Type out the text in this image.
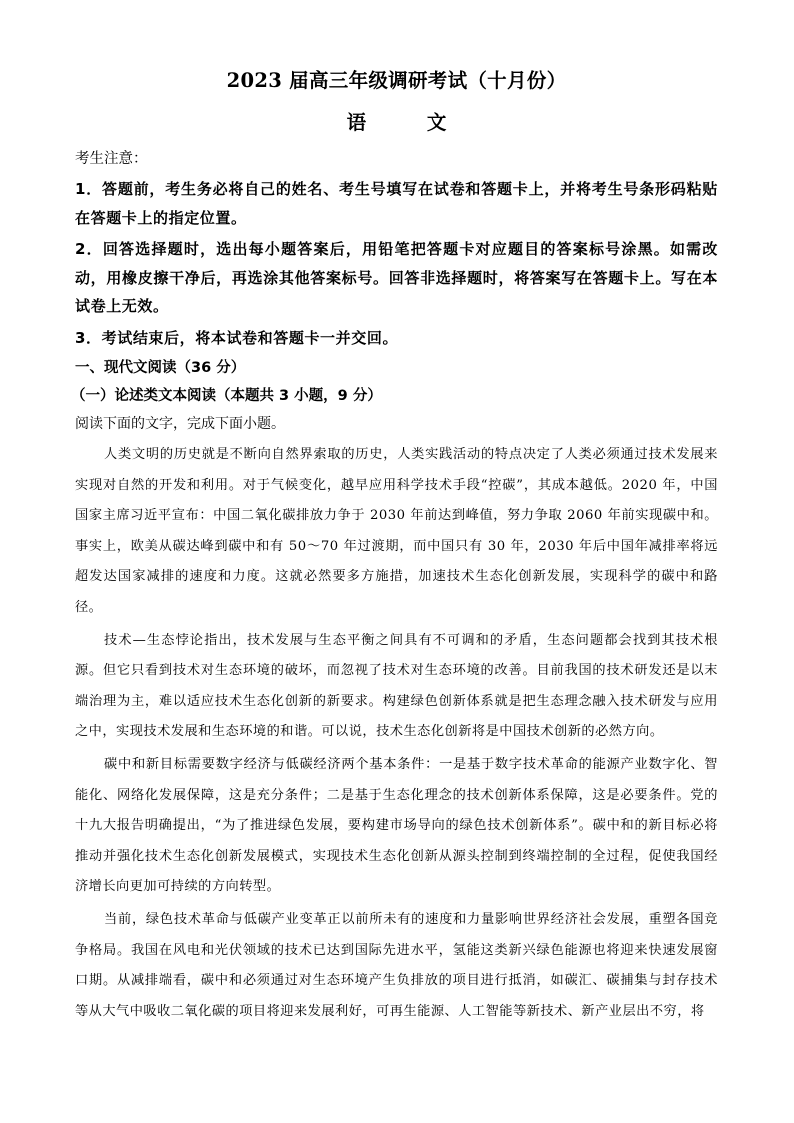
2023 届高三年级调研考试（十月份）
语 文
考生注意：

1．答题前，考生务必将自己的姓名、考生号填写在试卷和答题卡上，并将考生号条形码粘贴在答题卡上的指定位置。

2．回答选择题时，选出每小题答案后，用铅笔把答题卡对应题目的答案标号涂黑。如需改动，用橡皮擦干净后，再选涂其他答案标号。回答非选择题时，将答案写在答题卡上。写在本试卷上无效。

3．考试结束后，将本试卷和答题卡一并交回。

一、现代文阅读（36 分）
（一）论述类文本阅读（本题共 3 小题，9 分）
阅读下面的文字，完成下面小题。

人类文明的历史就是不断向自然界索取的历史，人类实践活动的特点决定了人类必须通过技术发展来实现对自然的开发和利用。对于气候变化，越早应用科学技术手段“控碳”，其成本越低。2020 年，中国国家主席习近平宣布：中国二氧化碳排放力争于 2030 年前达到峰值，努力争取 2060 年前实现碳中和。事实上，欧美从碳达峰到碳中和有 50～70 年过渡期，而中国只有 30 年，2030 年后中国年减排率将远超发达国家减排的速度和力度。这就必然要多方施措，加速技术生态化创新发展，实现科学的碳中和路径。

技术—生态悖论指出，技术发展与生态平衡之间具有不可调和的矛盾，生态问题都会找到其技术根源。但它只看到技术对生态环境的破坏，而忽视了技术对生态环境的改善。目前我国的技术研发还是以末端治理为主，难以适应技术生态化创新的新要求。构建绿色创新体系就是把生态理念融入技术研发与应用之中，实现技术发展和生态环境的和谐。可以说，技术生态化创新将是中国技术创新的必然方向。

碳中和新目标需要数字经济与低碳经济两个基本条件：一是基于数字技术革命的能源产业数字化、智能化、网络化发展保障，这是充分条件；二是基于生态化理念的技术创新体系保障，这是必要条件。党的十九大报告明确提出，“为了推进绿色发展，要构建市场导向的绿色技术创新体系”。碳中和的新目标必将推动并强化技术生态化创新发展模式，实现技术生态化创新从源头控制到终端控制的全过程，促使我国经济增长向更加可持续的方向转型。

当前，绿色技术革命与低碳产业变革正以前所未有的速度和力量影响世界经济社会发展，重塑各国竞争格局。我国在风电和光伏领域的技术已达到国际先进水平，氢能这类新兴绿色能源也将迎来快速发展窗口期。从减排端看，碳中和必须通过对生态环境产生负排放的项目进行抵消，如碳汇、碳捕集与封存技术等从大气中吸收二氧化碳的项目将迎来发展利好，可再生能源、人工智能等新技术、新产业层出不穷，将
